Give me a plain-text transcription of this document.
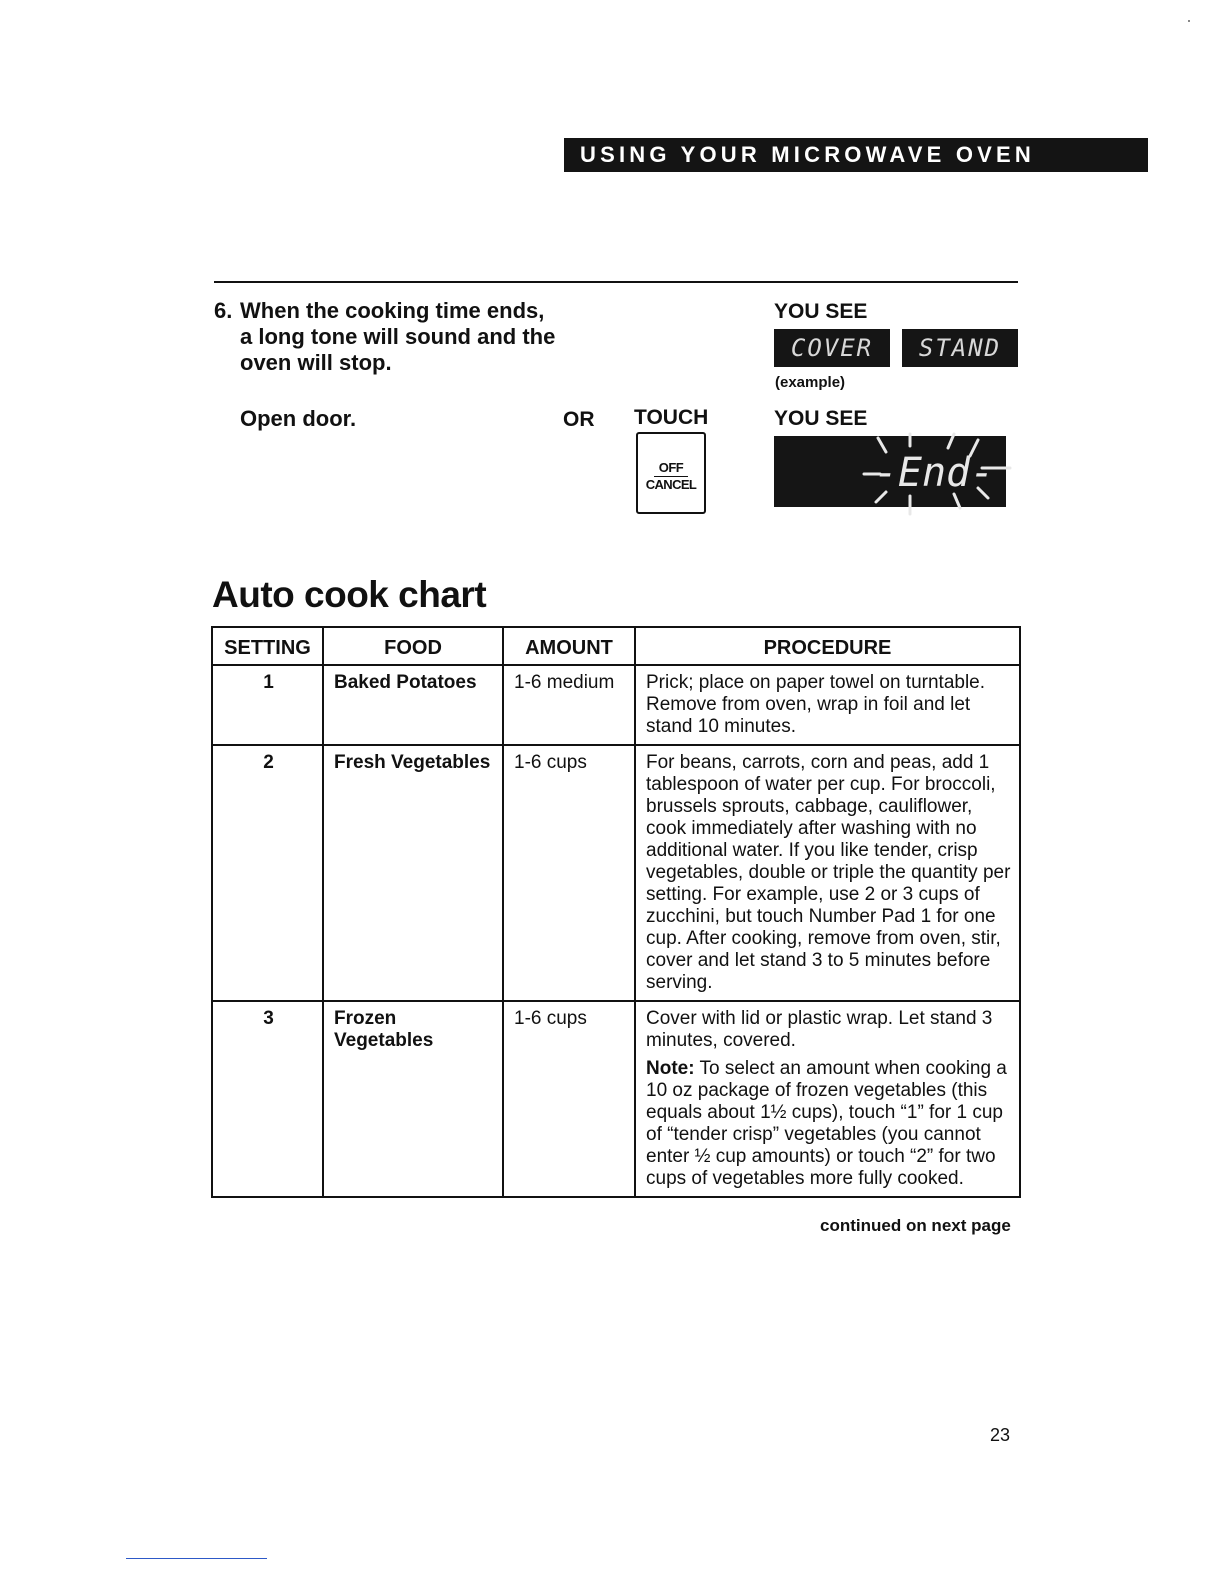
USING YOUR MICROWAVE OVEN
6. When the cooking time ends,
a long tone will sound and the
oven will stop.
Open door.	OR TOUCH
OFF
CANCEL
YOU SEE
COVER	STAND
(example)
YOU SEE
-End-
Auto cook chart
SETTING	FOOD	AMOUNT	PROCEDURE
1	Baked Potatoes	1-6 medium	Prick; place on paper towel on turntable. Remove from oven, wrap in foil and let stand 10 minutes.

2	Fresh Vegetables	1-6 cups	For beans, carrots, corn and peas, add 1 tablespoon of water per cup. For broccoli, brussels sprouts, cabbage, cauliflower, cook immediately after washing with no additional water. If you like tender, crisp vegetables, double or triple the quantity per setting. For example, use 2 or 3 cups of zucchini, but touch Number Pad 1 for one cup. After cooking, remove from oven, stir, cover and let stand 3 to 5 minutes before serving.

3	Frozen Vegetables	1-6 cups	Cover with lid or plastic wrap. Let stand 3 minutes, covered.

Note: To select an amount when cooking a 10 oz package of frozen vegetables (this equals about 1½ cups), touch “1” for 1 cup of “tender crisp” vegetables (you cannot enter ½ cup amounts) or touch “2” for two cups of vegetables more fully cooked.

continued on next page
23
